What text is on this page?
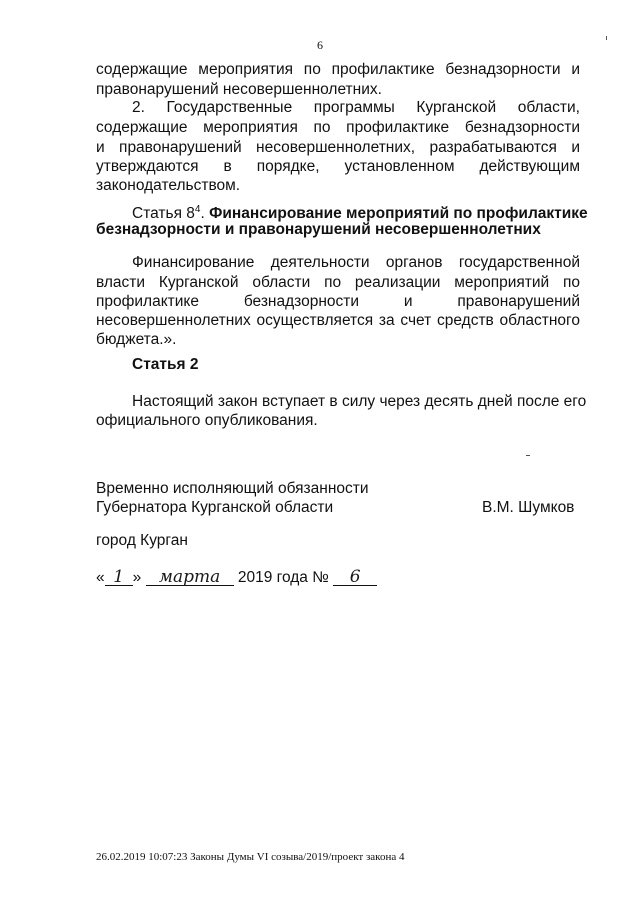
6
содержащие мероприятия по профилактике безнадзорности и
правонарушений несовершеннолетних.
2. Государственные программы Курганской области,
содержащие мероприятия по профилактике безнадзорности
и правонарушений несовершеннолетних, разрабатываются и
утверждаются в порядке, установленном действующим
законодательством.
Статья $8^4$. Финансирование мероприятий по профилактике
безнадзорности и правонарушений несовершеннолетних
Финансирование деятельности органов государственной
власти Курганской области по реализации мероприятий по
профилактике безнадзорности и правонарушений
несовершеннолетних осуществляется за счет средств областного
бюджета.».
Статья 2
Настоящий закон вступает в силу через десять дней после его
официального опубликования.
Временно исполняющий обязанности
Губернатора Курганской области	В.М. Шумков
город Курган
« 1 » марта 2019 года № 6
26.02.2019 10:07:23 Законы Думы VI созыва/2019/проект закона 4
